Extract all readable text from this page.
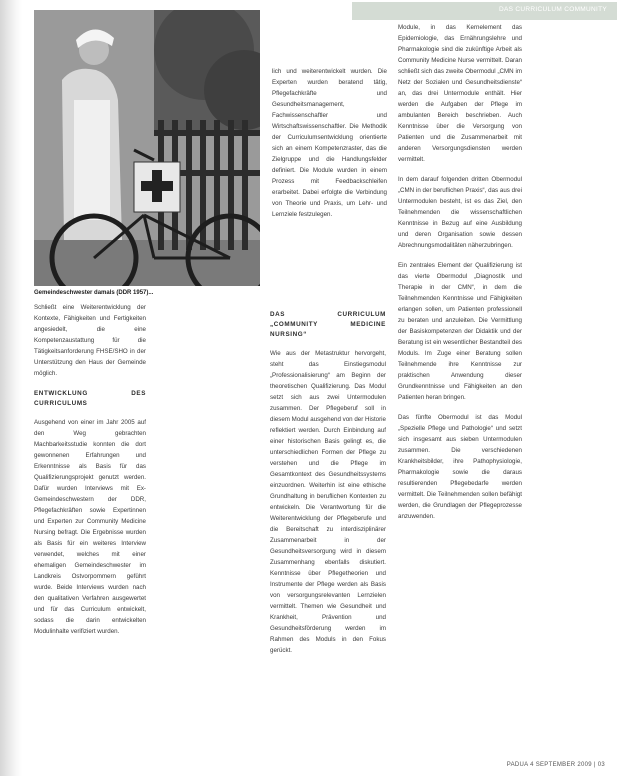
DAS CURRICULUM COMMUNITY
Gemeindeschwester damals (DDR 1957)...

Schließt eine Weiterentwicklung der Kontexte, Fähigkeiten und Fertigkeiten angesiedelt, die eine Kompetenzaustattung für die Tätigkeitsanforderung FHSE/SHO in der Unterstützung den Haus der Gemeinde möglich.

ENTWICKLUNG DES CURRICULUMS

Ausgehend von einer im Jahr 2005 auf den Weg gebrachten Machbarkeitsstudie konnten die dort gewonnenen Erfahrungen und Erkenntnisse als Basis für das Qualifizierungsprojekt genutzt werden. Dafür wurden Interviews mit Ex-Gemeindeschwestern der DDR, Pflegefachkräften sowie Expertinnen und Experten zur Community Medicine Nursing befragt. Die Ergebnisse wurden als Basis für ein weiteres Interview verwendet, welches mit einer ehemaligen Gemeindeschwester im Landkreis Ostvorpommern geführt wurde. Beide Interviews wurden nach den qualitativen Verfahren ausgewertet und für das Curriculum entwickelt, sodass die darin entwickelten Modulinhalte verifiziert wurden.

lich und weiterentwickelt wurden. Die Experten wurden beratend tätig, Pflegefachkräfte und Gesundheitsmanagement, Fachwissenschaftler und Wirtschaftswissenschaftler. Die Methodik der Curriculumsentwicklung orientierte sich an einem Kompetenzraster, das die Zielgruppe und die Handlungsfelder definiert. Die Module wurden in einem Prozess mit Feedbackschleifen erarbeitet. Dabei erfolgte die Verbindung von Theorie und Praxis, um Lehr- und Lernziele festzulegen.

DAS CURRICULUM „COMMUNITY MEDICINE NURSING“

Wie aus der Metastruktur hervorgeht, steht das Einstiegsmodul „Professionalisierung“ am Beginn der theoretischen Qualifizierung. Das Modul setzt sich aus zwei Untermodulen zusammen. Der Pflegeberuf soll in diesem Modul ausgehend von der Historie reflektiert werden. Durch Einbindung auf einer historischen Basis gelingt es, die unterschiedlichen Formen der Pflege zu verstehen und die Pflege im Gesamtkontext des Gesundheitssystems einzuordnen. Weiterhin ist eine ethische Grundhaltung in beruflichen Kontexten zu entwickeln. Die Verantwortung für die Weiterentwicklung der Pflegeberufe und die Bereitschaft zu interdisziplinärer Zusammenarbeit in der Gesundheitsversorgung wird in diesem Zusammenhang ebenfalls diskutiert. Kenntnisse über Pflegetheorien und Instrumente der Pflege werden als Basis von versorgungsrelevanten Lernzielen vermittelt. Themen wie Gesundheit und Krankheit, Prävention und Gesundheitsförderung werden im Rahmen des Moduls in den Fokus gerückt.

Module, in das Kernelement das Epidemiologie, das Ernährungslehre und Pharmakologie sind die zukünftige Arbeit als Community Medicine Nurse vermittelt. Daran schließt sich das zweite Obermodul „CMN im Netz der Sozialen und Gesundheitsdienste“ an, das drei Untermodule enthält. Hier werden die Aufgaben der Pflege im ambulanten Bereich beschrieben. Auch Kenntnisse über die Versorgung von Patienten und die Zusammenarbeit mit anderen Versorgungsdiensten werden vermittelt.

In dem darauf folgenden dritten Obermodul „CMN in der beruflichen Praxis“, das aus drei Untermodulen besteht, ist es das Ziel, den Teilnehmenden die wissenschaftlichen Kenntnisse in Bezug auf eine Ausbildung und deren Organisation sowie dessen Abrechnungsmodalitäten näherzubringen.

Ein zentrales Element der Qualifizierung ist das vierte Obermodul „Diagnostik und Therapie in der CMN“, in dem die Teilnehmenden Kenntnisse und Fähigkeiten erlangen sollen, um Patienten professionell zu beraten und anzuleiten. Die Vermittlung der Basiskompetenzen der Didaktik und der Beratung ist ein wesentlicher Bestandteil des Moduls. Im Zuge einer Beratung sollen Teilnehmende ihre Kenntnisse zur praktischen Anwendung dieser Grundkenntnisse und Fähigkeiten an den Patienten heran bringen.

Das fünfte Obermodul ist das Modul „Spezielle Pflege und Pathologie“ und setzt sich insgesamt aus sieben Untermodulen zusammen. Die verschiedenen Krankheitsbilder, ihre Pathophysiologie, Pharmakologie sowie die daraus resultierenden Pflegebedarfe werden vermittelt. Die Teilnehmenden sollen befähigt werden, die Grundlagen der Pflegeprozesse anzuwenden.

PADUA 4 SEPTEMBER 2009 | 03
